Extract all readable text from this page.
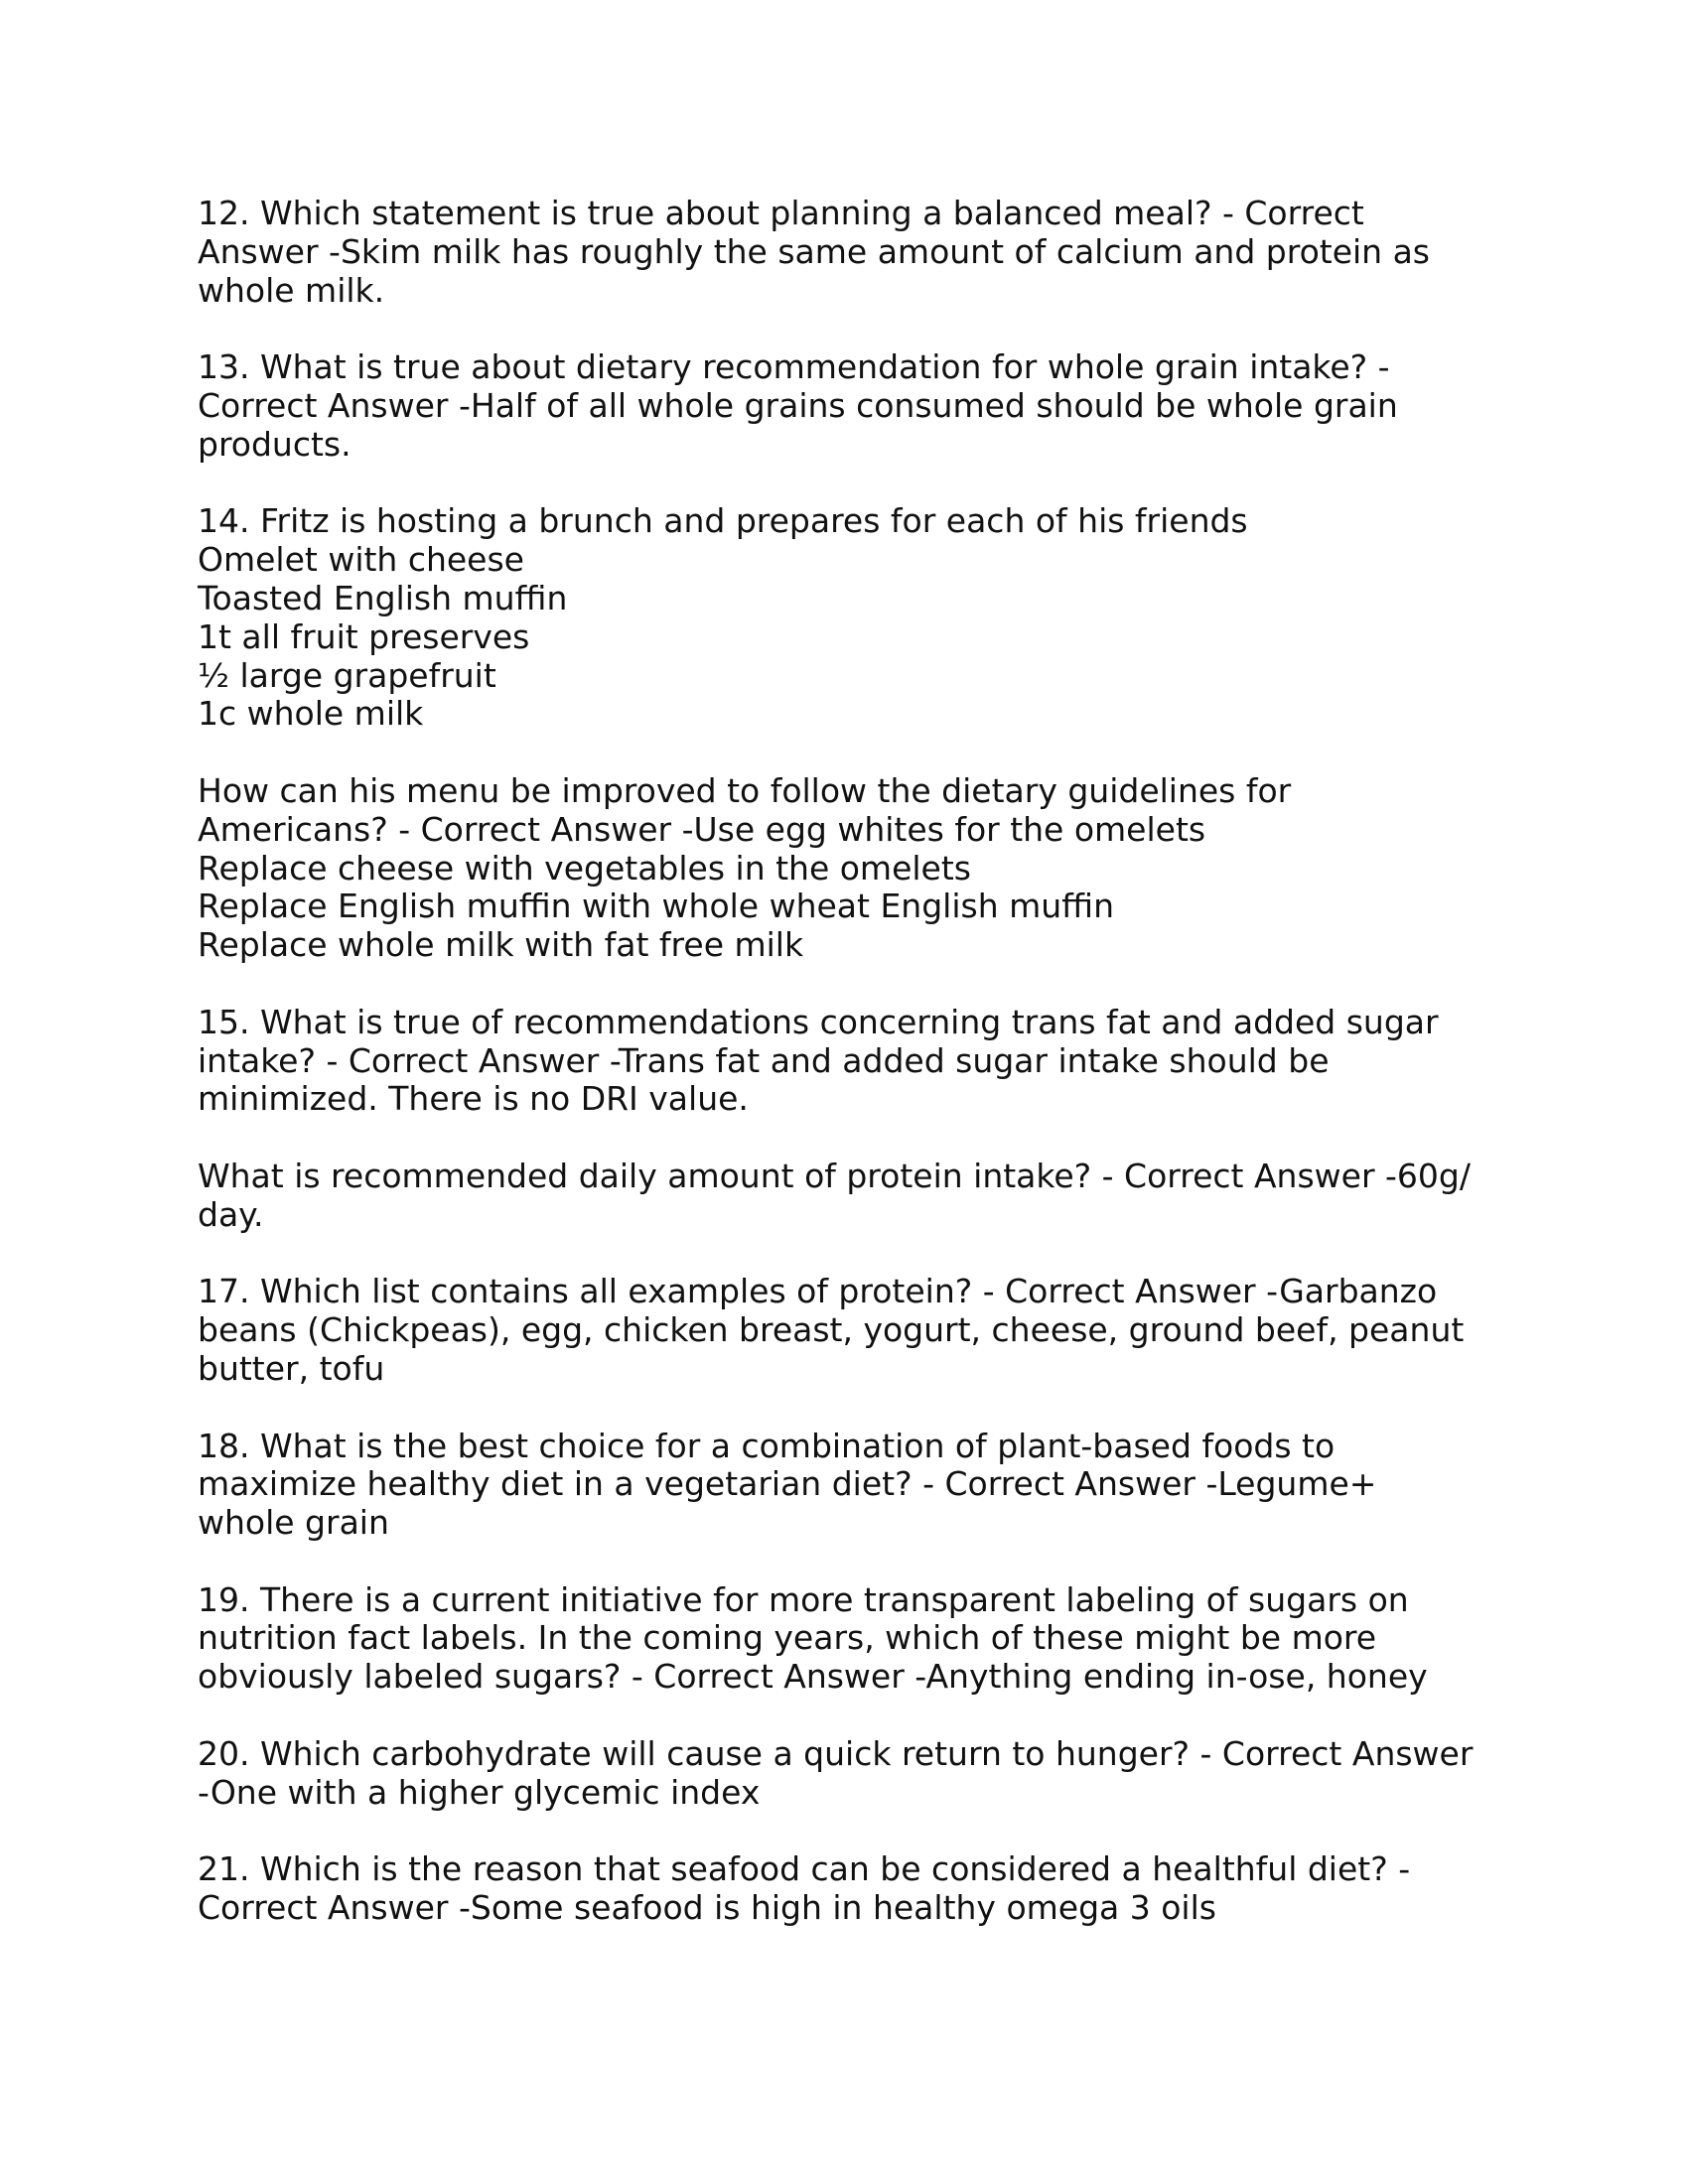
12. Which statement is true about planning a balanced meal? - Correct
Answer -Skim milk has roughly the same amount of calcium and protein as
whole milk.

13. What is true about dietary recommendation for whole grain intake? -
Correct Answer -Half of all whole grains consumed should be whole grain
products.

14. Fritz is hosting a brunch and prepares for each of his friends
Omelet with cheese
Toasted English muffin
1t all fruit preserves
½ large grapefruit
1c whole milk

How can his menu be improved to follow the dietary guidelines for
Americans? - Correct Answer -Use egg whites for the omelets
Replace cheese with vegetables in the omelets
Replace English muffin with whole wheat English muffin
Replace whole milk with fat free milk

15. What is true of recommendations concerning trans fat and added sugar
intake? - Correct Answer -Trans fat and added sugar intake should be
minimized. There is no DRI value.

What is recommended daily amount of protein intake? - Correct Answer -60g/
day.

17. Which list contains all examples of protein? - Correct Answer -Garbanzo
beans (Chickpeas), egg, chicken breast, yogurt, cheese, ground beef, peanut
butter, tofu

18. What is the best choice for a combination of plant-based foods to
maximize healthy diet in a vegetarian diet? - Correct Answer -Legume+
whole grain

19. There is a current initiative for more transparent labeling of sugars on
nutrition fact labels. In the coming years, which of these might be more
obviously labeled sugars? - Correct Answer -Anything ending in-ose, honey

20. Which carbohydrate will cause a quick return to hunger? - Correct Answer
-One with a higher glycemic index

21. Which is the reason that seafood can be considered a healthful diet? -
Correct Answer -Some seafood is high in healthy omega 3 oils
